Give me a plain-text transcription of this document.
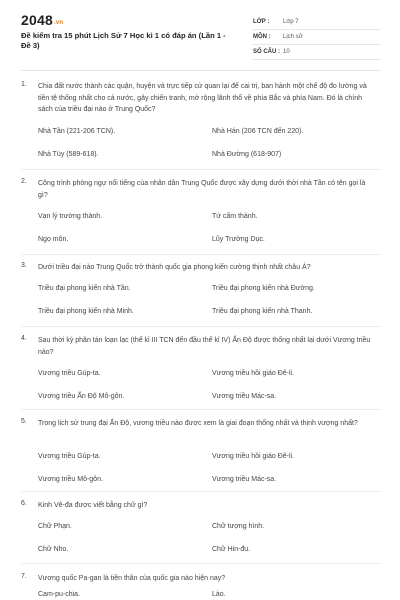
2048.vn
Đề kiểm tra 15 phút Lịch Sử 7 Học kì 1 có đáp án (Lần 1 - Đề 3)
LỚP :	Lớp 7
MÔN :	Lịch sử
SỐ CÂU : 10
1. Chia đất nước thành các quận, huyện và trực tiếp cử quan lại để cai trị, ban hành một chế độ đo lường và tiền tệ thống nhất cho cả nước, gây chiến tranh, mở rộng lãnh thổ về phía Bắc và phía Nam. Đó là chính sách của triều đại nào ở Trung Quốc?
Nhà Tần (221-206 TCN).	Nhà Hán (206 TCN đến 220).
Nhà Tùy (589-618).	Nhà Đường (618-907)
2. Công trình phòng ngự nổi tiếng của nhân dân Trung Quốc được xây dựng dưới thời nhà Tần có tên gọi là gì?
Vạn lý trường thành.	Tử cấm thành.
Ngọ môn.	Lũy Trường Dục.
3. Dưới triều đại nào Trung Quốc trở thành quốc gia phong kiến cường thịnh nhất châu Á?
Triều đại phong kiến nhà Tần.	Triều đại phong kiến nhà Đường.
Triều đại phong kiến nhà Minh.	Triều đại phong kiến nhà Thanh.
4. Sau thời kỳ phân tán loạn lạc (thế kỉ III TCN đến đầu thế kỉ IV) Ấn Độ được thống nhất lại dưới Vương triều nào?
Vương triều Gúp-ta.	Vương triều hồi giáo Đê-li.
Vương triều Ấn Độ Mô-gôn.	Vương triều Mác-sa.
5. Trong lịch sử trung đại Ấn Độ, vương triều nào được xem là giai đoạn thống nhất và thịnh vượng nhất?
Vương triều Gúp-ta.	Vương triều hồi giáo Đê-li.
Vương triều Mô-gôn.	Vương triều Mác-sa.
6. Kinh Vê-đa được viết bằng chữ gì?
Chữ Phạn.	Chữ tượng hình.
Chữ Nho.	Chữ Hin-đu.
7. Vương quốc Pa-gan là tiền thân của quốc gia nào hiện nay?
Cam-pu-chia.	Lào.
